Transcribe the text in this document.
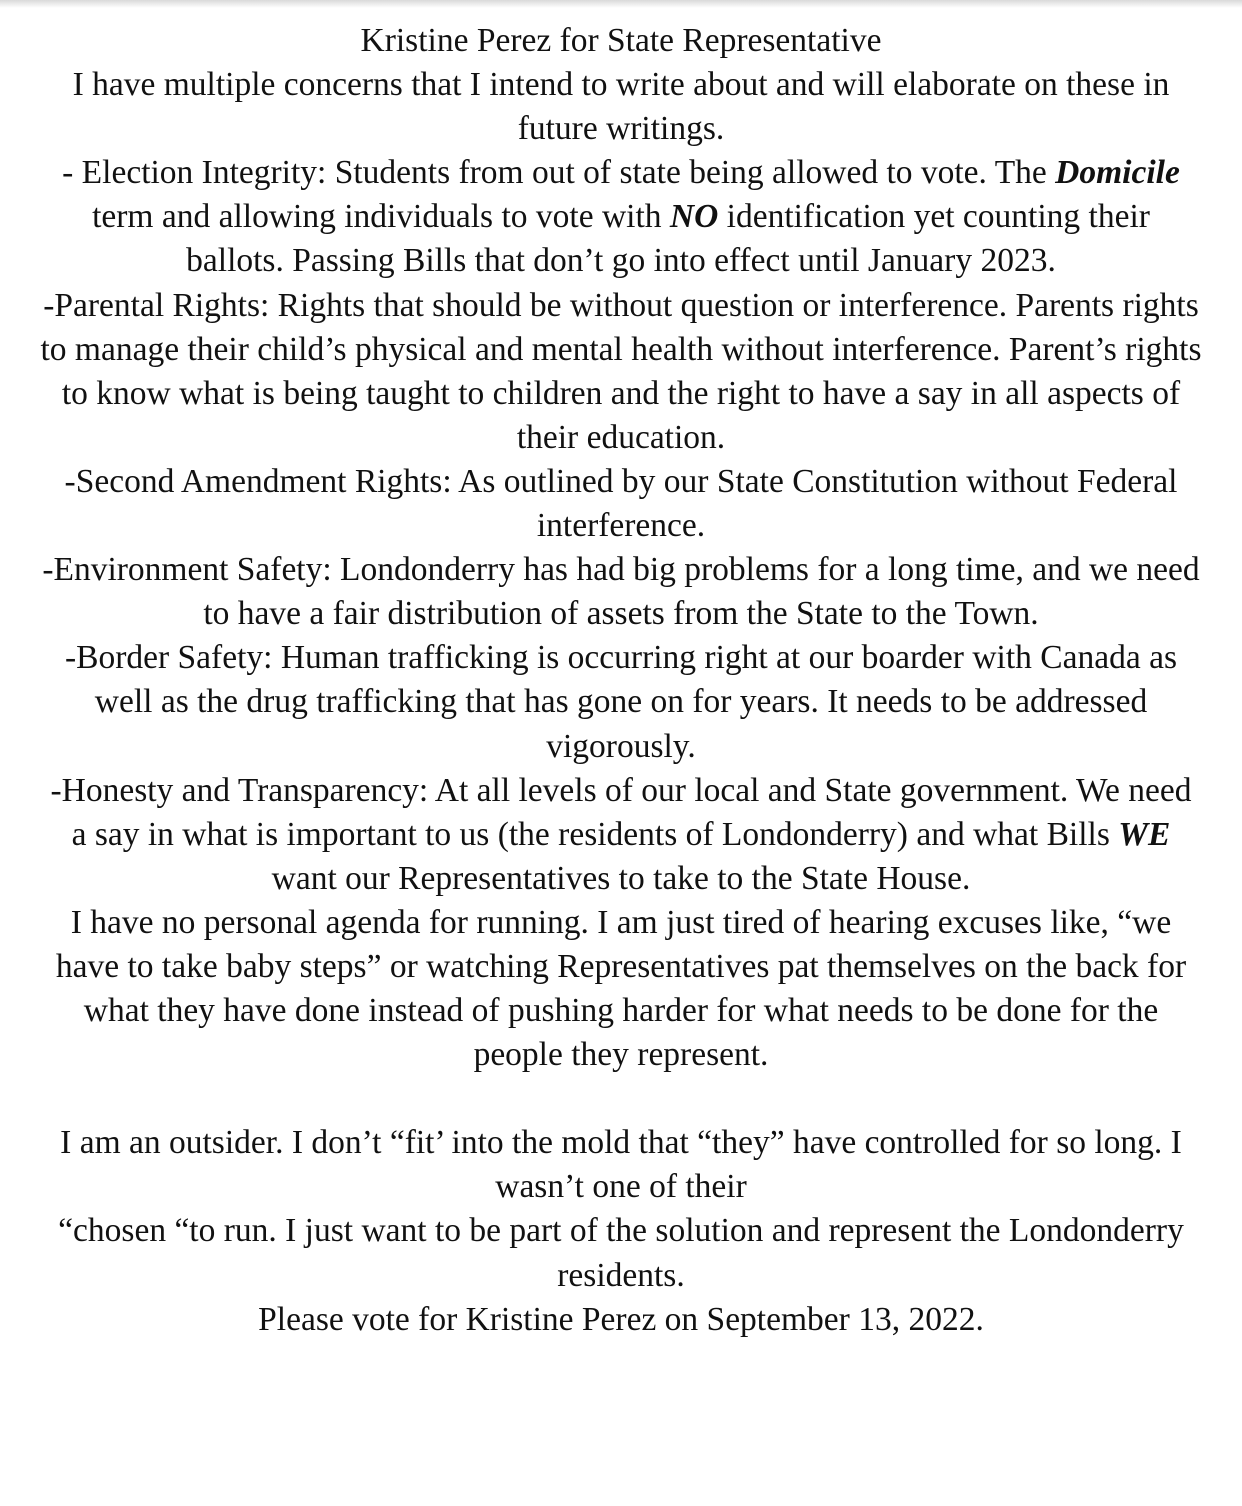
Kristine Perez for State Representative

I have multiple concerns that I intend to write about and will elaborate on these in future writings.

- Election Integrity: Students from out of state being allowed to vote. The Domicile term and allowing individuals to vote with NO identification yet counting their ballots. Passing Bills that don’t go into effect until January 2023.

-Parental Rights: Rights that should be without question or interference. Parents rights to manage their child’s physical and mental health without interference. Parent’s rights to know what is being taught to children and the right to have a say in all aspects of their education.

-Second Amendment Rights: As outlined by our State Constitution without Federal interference.

-Environment Safety: Londonderry has had big problems for a long time, and we need to have a fair distribution of assets from the State to the Town.

-Border Safety: Human trafficking is occurring right at our boarder with Canada as well as the drug trafficking that has gone on for years. It needs to be addressed vigorously.

-Honesty and Transparency: At all levels of our local and State government. We need a say in what is important to us (the residents of Londonderry) and what Bills WE want our Representatives to take to the State House.

I have no personal agenda for running. I am just tired of hearing excuses like, “we have to take baby steps” or watching Representatives pat themselves on the back for what they have done instead of pushing harder for what needs to be done for the people they represent.

I am an outsider. I don’t “fit’ into the mold that “they” have controlled for so long. I wasn’t one of their

“chosen “to run. I just want to be part of the solution and represent the Londonderry residents.

Please vote for Kristine Perez on September 13, 2022.
